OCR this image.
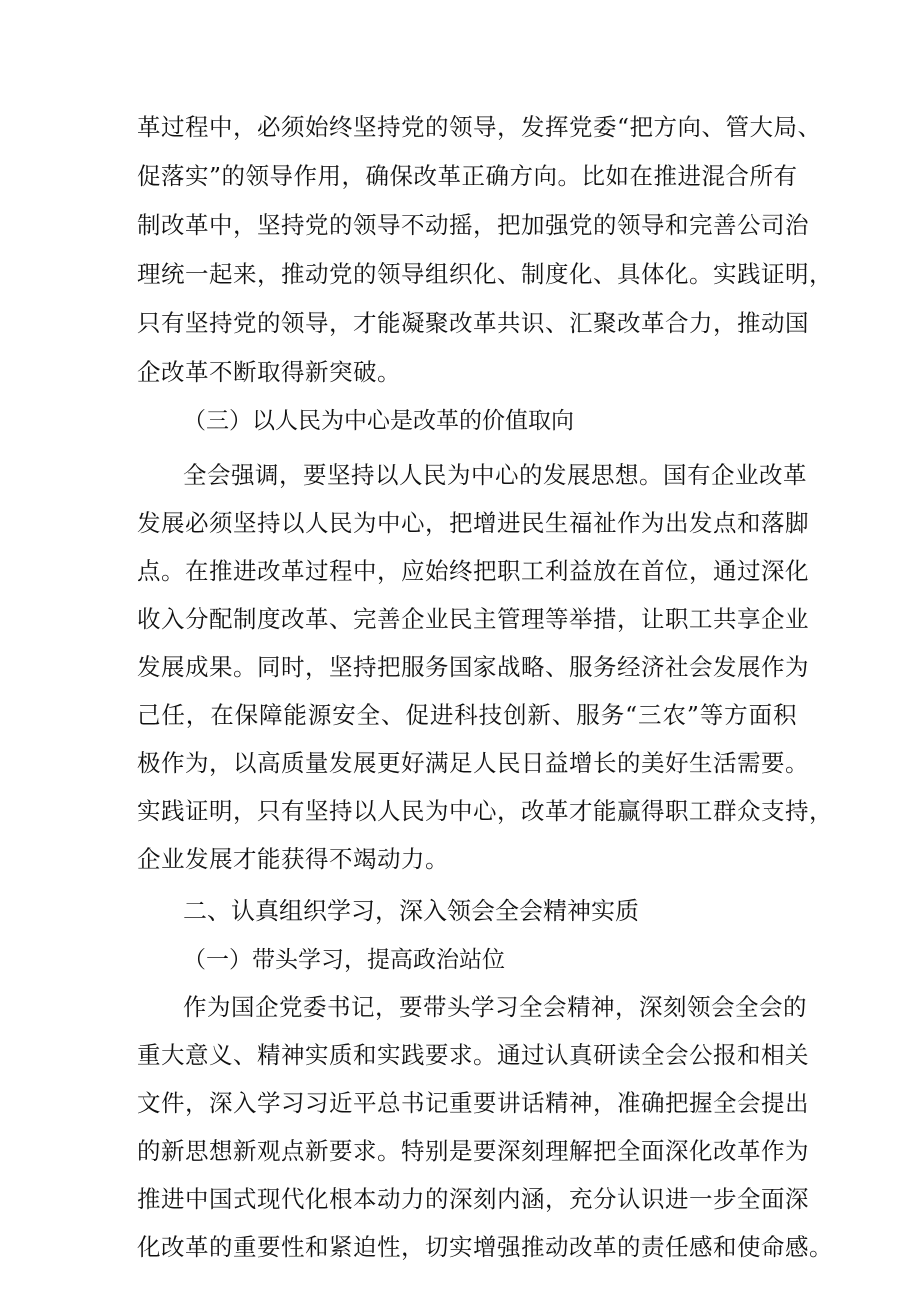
革过程中，必须始终坚持党的领导，发挥党委“把方向、管大局、

促落实”的领导作用，确保改革正确方向。比如在推进混合所有

制改革中，坚持党的领导不动摇，把加强党的领导和完善公司治

理统一起来，推动党的领导组织化、制度化、具体化。实践证明，

只有坚持党的领导，才能凝聚改革共识、汇聚改革合力，推动国

企改革不断取得新突破。

（三）以人民为中心是改革的价值取向

全会强调，要坚持以人民为中心的发展思想。国有企业改革

发展必须坚持以人民为中心，把增进民生福祉作为出发点和落脚

点。在推进改革过程中，应始终把职工利益放在首位，通过深化

收入分配制度改革、完善企业民主管理等举措，让职工共享企业

发展成果。同时，坚持把服务国家战略、服务经济社会发展作为

己任，在保障能源安全、促进科技创新、服务“三农”等方面积

极作为，以高质量发展更好满足人民日益增长的美好生活需要。

实践证明，只有坚持以人民为中心，改革才能赢得职工群众支持，

企业发展才能获得不竭动力。

二、认真组织学习，深入领会全会精神实质

（一）带头学习，提高政治站位

作为国企党委书记，要带头学习全会精神，深刻领会全会的

重大意义、精神实质和实践要求。通过认真研读全会公报和相关

文件，深入学习习近平总书记重要讲话精神，准确把握全会提出

的新思想新观点新要求。特别是要深刻理解把全面深化改革作为

推进中国式现代化根本动力的深刻内涵，充分认识进一步全面深

化改革的重要性和紧迫性，切实增强推动改革的责任感和使命感。
